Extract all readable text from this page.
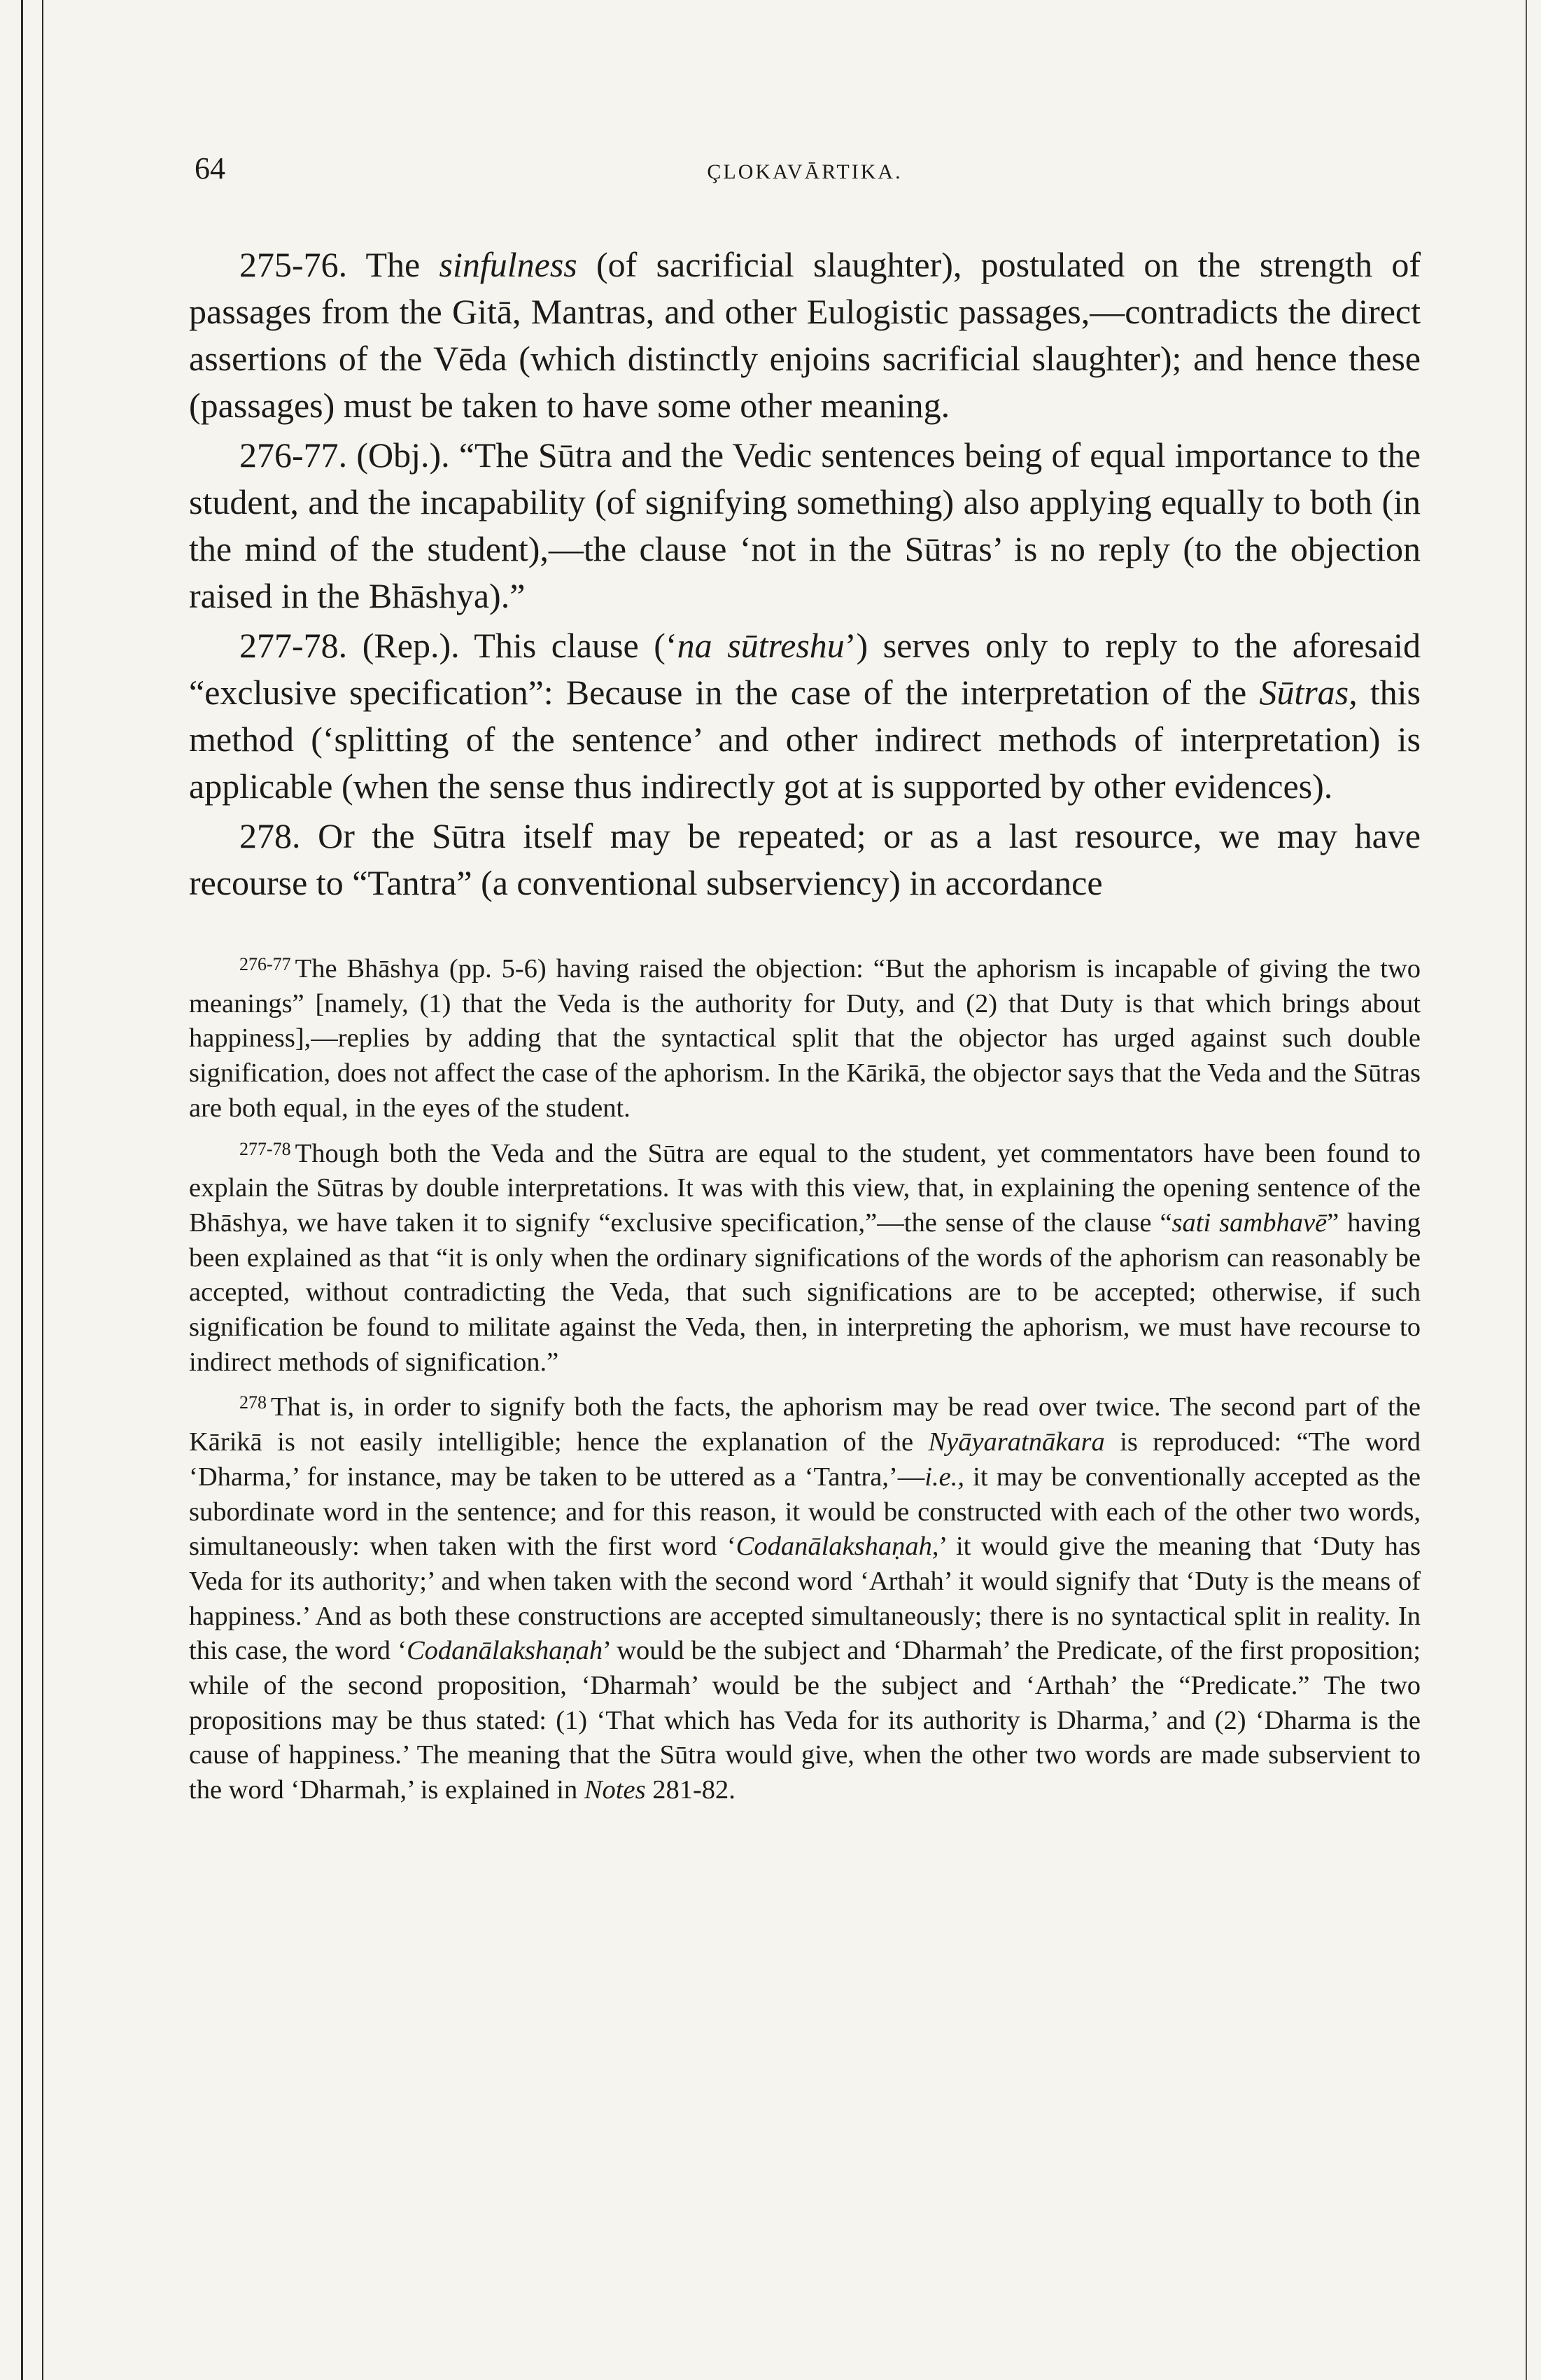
64	ÇLOKAVĀRTIKA.

275-76. The sinfulness (of sacrificial slaughter), postulated on the strength of passages from the Gitā, Mantras, and other Eulogistic passages,—contradicts the direct assertions of the Vēda (which distinctly enjoins sacrificial slaughter); and hence these (passages) must be taken to have some other meaning.

276-77. (Obj.). “The Sūtra and the Vedic sentences being of equal importance to the student, and the incapability (of signifying something) also applying equally to both (in the mind of the student),—the clause ‘not in the Sūtras’ is no reply (to the objection raised in the Bhāshya).”

277-78. (Rep.). This clause (‘na sūtreshu’) serves only to reply to the aforesaid “exclusive specification”: Because in the case of the interpretation of the Sūtras, this method (‘splitting of the sentence’ and other indirect methods of interpretation) is applicable (when the sense thus indirectly got at is supported by other evidences).

278. Or the Sūtra itself may be repeated; or as a last resource, we may have recourse to “Tantra” (a conventional subserviency) in accordance

$^{276-77}$ The Bhāshya (pp. 5-6) having raised the objection: “But the aphorism is incapable of giving the two meanings” [namely, (1) that the Veda is the authority for Duty, and (2) that Duty is that which brings about happiness],—replies by adding that the syntactical split that the objector has urged against such double signification, does not affect the case of the aphorism. In the Kārikā, the objector says that the Veda and the Sūtras are both equal, in the eyes of the student.

$^{277-78}$ Though both the Veda and the Sūtra are equal to the student, yet commentators have been found to explain the Sūtras by double interpretations. It was with this view, that, in explaining the opening sentence of the Bhāshya, we have taken it to signify “exclusive specification,”—the sense of the clause “sati sambhavē” having been explained as that “it is only when the ordinary significations of the words of the aphorism can reasonably be accepted, without contradicting the Veda, that such significations are to be accepted; otherwise, if such signification be found to militate against the Veda, then, in interpreting the aphorism, we must have recourse to indirect methods of signification.”

$^{278}$ That is, in order to signify both the facts, the aphorism may be read over twice. The second part of the Kārikā is not easily intelligible; hence the explanation of the Nyāyaratnākara is reproduced: “The word ‘Dharma,’ for instance, may be taken to be uttered as a ‘Tantra,’—i.e., it may be conventionally accepted as the subordinate word in the sentence; and for this reason, it would be constructed with each of the other two words, simultaneously: when taken with the first word ‘Codanālakshaṇah,’ it would give the meaning that ‘Duty has Veda for its authority;’ and when taken with the second word ‘Arthah’ it would signify that ‘Duty is the means of happiness.’ And as both these constructions are accepted simultaneously; there is no syntactical split in reality. In this case, the word ‘Codanālakshaṇah’ would be the subject and ‘Dharmah’ the Predicate, of the first proposition; while of the second proposition, ‘Dharmah’ would be the subject and ‘Arthah’ the “Predicate.” The two propositions may be thus stated: (1) ‘That which has Veda for its authority is Dharma,’ and (2) ‘Dharma is the cause of happiness.’ The meaning that the Sūtra would give, when the other two words are made subservient to the word ‘Dharmah,’ is explained in Notes 281-82.
